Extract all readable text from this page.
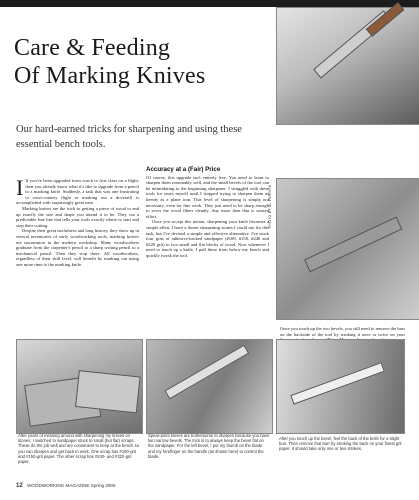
Care & Feeding
Of Marking Knives
Our hard-earned tricks for sharpening and using these essential bench tools.
PHOTO BY AL PARRISH

I If you've been upgraded from coach to first class on a flight, then you already know what it's like to upgrade from a pencil to a marking knife. Suddenly, a task that was one frustrating (a cross-country flight or marking out a dovetail) is accomplished with surprisingly great ease.

Marking knives are the trick to getting a piece of wood to end up exactly the size and shape you intend it to be. They cut a predictable fine line that tells your tools exactly where to start and stop their cutting.

Despite their great usefulness and long history, they show up in several inventories of early woodworking tools, marking knives are uncommon in the modern workshop. Many woodworkers graduate from the carpenter's pencil to a sharp writing pencil to a mechanical pencil. Then they stop there. All woodworkers, regardless of their skill level, will benefit by marking out using one more time to the marking knife.

Accuracy at a (Fair) Price

Of course, this upgrade isn't entirely free. You need to learn to sharpen them reasonably well, and the small bevels of the tool can be intimidating to the beginning sharpener. I struggled with these tools for years myself until I stopped trying to sharpen them as keenly as a plane iron. This level of sharpening is simply not necessary, even for fine work. They just need to be sharp enough to sever the wood fibers cleanly. Any more than that is wasted effort.

Once you accept this notion, sharpening your knife becomes a simple affair. I have a dozen sharpening stones I could use for this task, but I've devised a simple and effective alternative. I've stuck four grits of adhesive-backed sandpaper (#100, #150, #240 and #320 grit) to two small and flat blocks of wood. Now whenever I need to touch up a knife, I pull these from below my bench and quickly tweak the tool.

Once you touch up the two bevels, you still need to remove the burr on the backside of the tool by stroking it once or twice on your

After years of messing around with sharpening my knives on stones, I switched to sandpaper stuck to small (but flat) scraps. These do the job well and are convenient to keep at the bench so you can sharpen and get back to work. One scrap has #100-grit and #150-grit paper. The other scrap has #240- and #320-grit paper.
Spear-point knives are bothersome to sharpen because you have two narrow bevels. The trick is to always keep the bevel flat on the sandpaper. For the left bevel, I put my thumb on the blade and my forefinger on the handle (as shown here) to control the blade.
After you touch up the bevel, feel the back of the knife for a slight burr. Then remove that burr by stroking the back on your finest grit paper. It should take only one or two strokes.
12 WOODWORKING MAGAZINE Spring 2005
